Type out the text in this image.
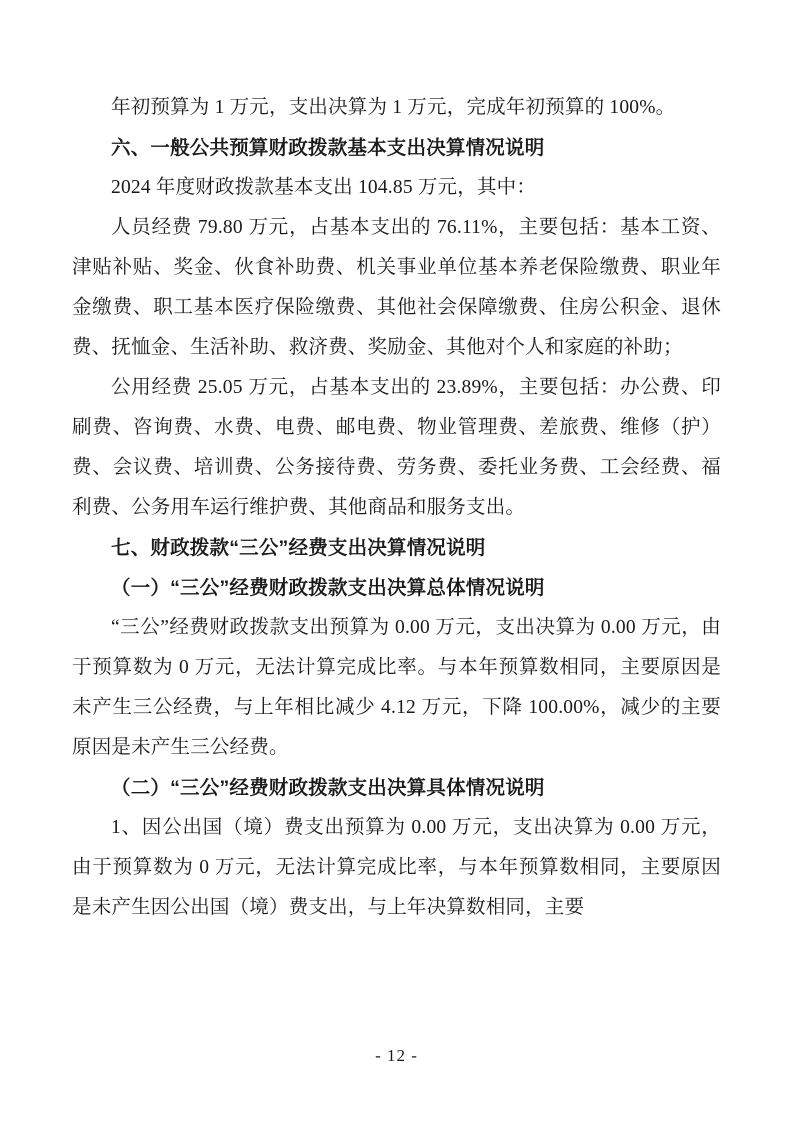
年初预算为 1 万元，支出决算为 1 万元，完成年初预算的 100%。

六、一般公共预算财政拨款基本支出决算情况说明

2024 年度财政拨款基本支出 104.85 万元，其中：

人员经费 79.80 万元，占基本支出的 76.11%，主要包括：基本工资、津贴补贴、奖金、伙食补助费、机关事业单位基本养老保险缴费、职业年金缴费、职工基本医疗保险缴费、其他社会保障缴费、住房公积金、退休费、抚恤金、生活补助、救济费、奖励金、其他对个人和家庭的补助；

公用经费 25.05 万元，占基本支出的 23.89%，主要包括：办公费、印刷费、咨询费、水费、电费、邮电费、物业管理费、差旅费、维修（护）费、会议费、培训费、公务接待费、劳务费、委托业务费、工会经费、福利费、公务用车运行维护费、其他商品和服务支出。

七、财政拨款“三公”经费支出决算情况说明

（一）“三公”经费财政拨款支出决算总体情况说明

“三公”经费财政拨款支出预算为 0.00 万元，支出决算为 0.00 万元，由于预算数为 0 万元，无法计算完成比率。与本年预算数相同，主要原因是未产生三公经费，与上年相比减少 4.12 万元，下降 100.00%，减少的主要原因是未产生三公经费。

（二）“三公”经费财政拨款支出决算具体情况说明

1、因公出国（境）费支出预算为 0.00 万元，支出决算为 0.00 万元，由于预算数为 0 万元，无法计算完成比率，与本年预算数相同，主要原因是未产生因公出国（境）费支出，与上年决算数相同，主要

- 12 -
